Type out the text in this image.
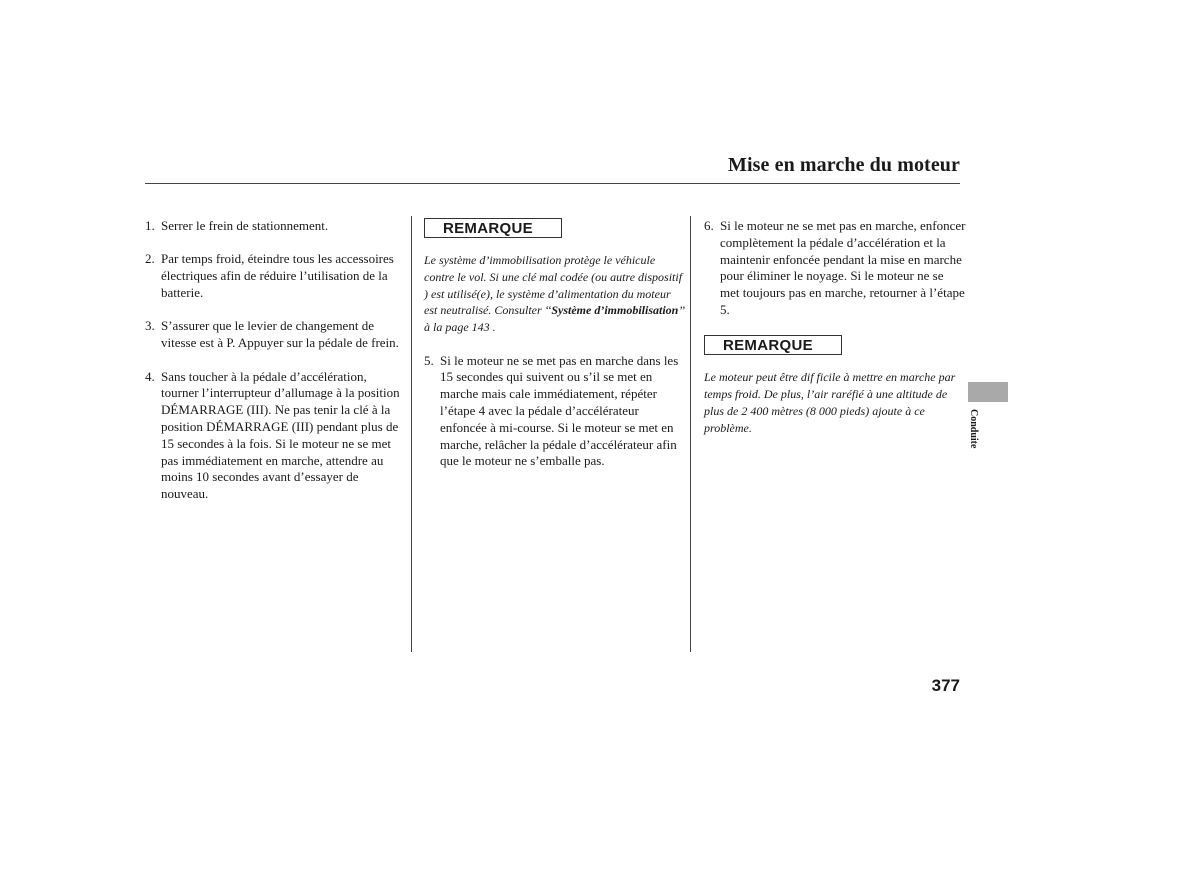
Mise en marche du moteur
1. Serrer le frein de stationnement.
2. Par temps froid, éteindre tous les accessoires électriques afin de réduire l’utilisation de la batterie.
3. S’assurer que le levier de changement de vitesse est à P. Appuyer sur la pédale de frein.
4. Sans toucher à la pédale d’accélération, tourner l’interrupteur d’allumage à la position DÉMARRAGE (III). Ne pas tenir la clé à la position DÉMARRAGE (III) pendant plus de 15 secondes à la fois. Si le moteur ne se met pas immédiatement en marche, attendre au moins 10 secondes avant d’essayer de nouveau.
REMARQUE

Le système d’immobilisation protège le véhicule contre le vol. Si une clé mal codée (ou autre dispositif ) est utilisé(e), le système d’alimentation du moteur est neutralisé. Consulter ‘‘Système d’immobilisation’’ à la page 143 .

5. Si le moteur ne se met pas en marche dans les 15 secondes qui suivent ou s’il se met en marche mais cale immédiatement, répéter l’étape 4 avec la pédale d’accélérateur enfoncée à mi-course. Si le moteur se met en marche, relâcher la pédale d’accélérateur afin que le moteur ne s’emballe pas.
6. Si le moteur ne se met pas en marche, enfoncer complètement la pédale d’accélération et la maintenir enfoncée pendant la mise en marche pour éliminer le noyage. Si le moteur ne se met toujours pas en marche, retourner à l’étape 5.
REMARQUE

Le moteur peut être dif ficile à mettre en marche par temps froid. De plus, l’air raréfié à une altitude de plus de 2 400 mètres (8 000 pieds) ajoute à ce problème.	Conduite
377
